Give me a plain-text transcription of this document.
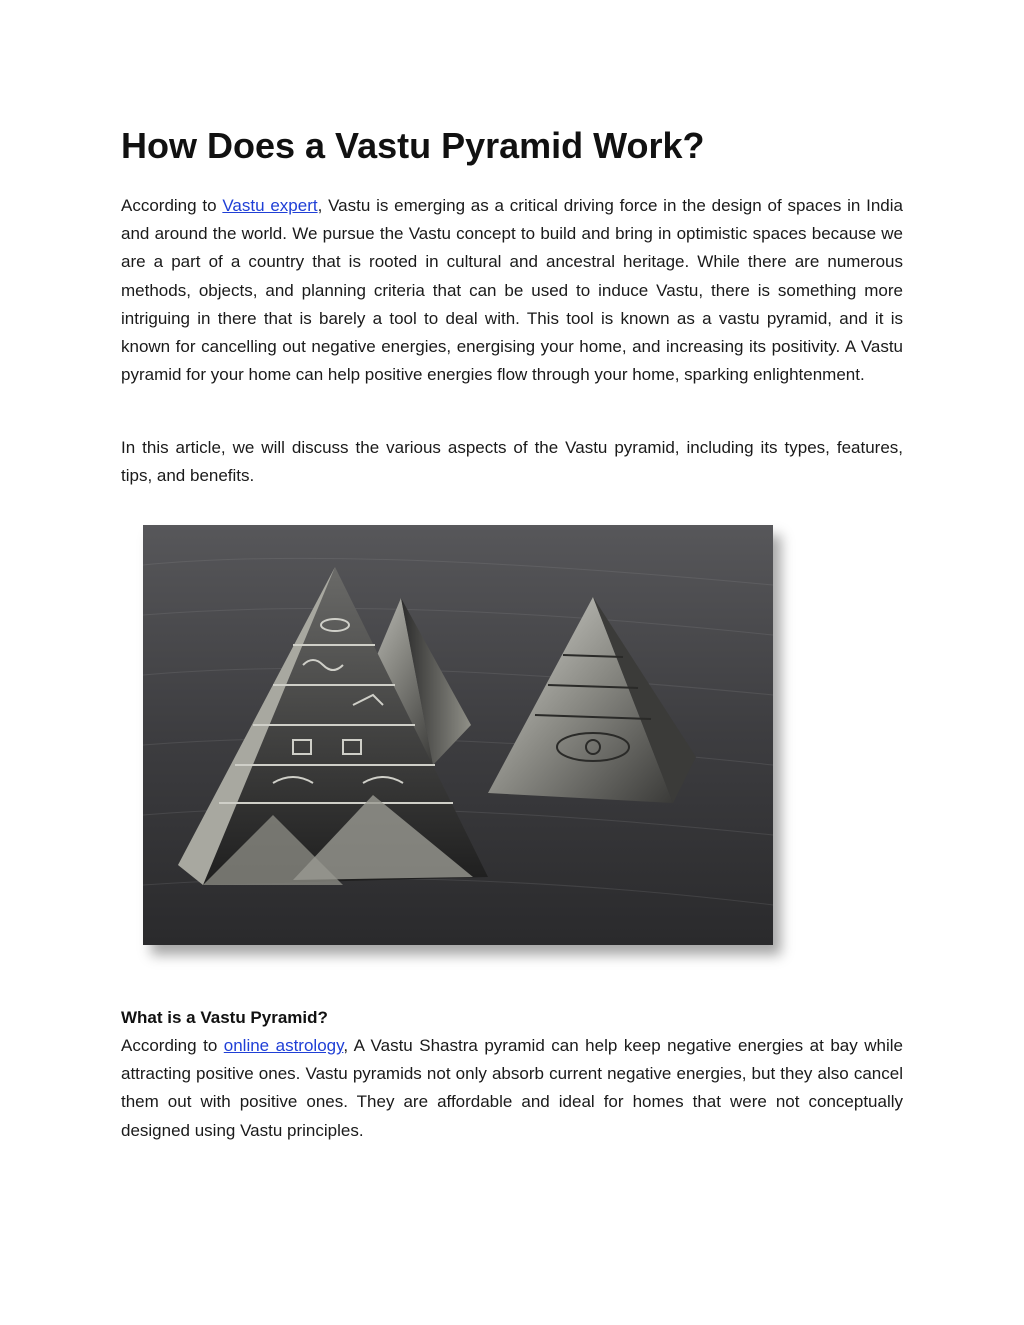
How Does a Vastu Pyramid Work?

According to Vastu expert, Vastu is emerging as a critical driving force in the design of spaces in India and around the world. We pursue the Vastu concept to build and bring in optimistic spaces because we are a part of a country that is rooted in cultural and ancestral heritage. While there are numerous methods, objects, and planning criteria that can be used to induce Vastu, there is something more intriguing in there that is barely a tool to deal with. This tool is known as a vastu pyramid, and it is known for cancelling out negative energies, energising your home, and increasing its positivity. A Vastu pyramid for your home can help positive energies flow through your home, sparking enlightenment.

In this article, we will discuss the various aspects of the Vastu pyramid, including its types, features, tips, and benefits.

What is a Vastu Pyramid?

According to online astrology, A Vastu Shastra pyramid can help keep negative energies at bay while attracting positive ones. Vastu pyramids not only absorb current negative energies, but they also cancel them out with positive ones. They are affordable and ideal for homes that were not conceptually designed using Vastu principles.
